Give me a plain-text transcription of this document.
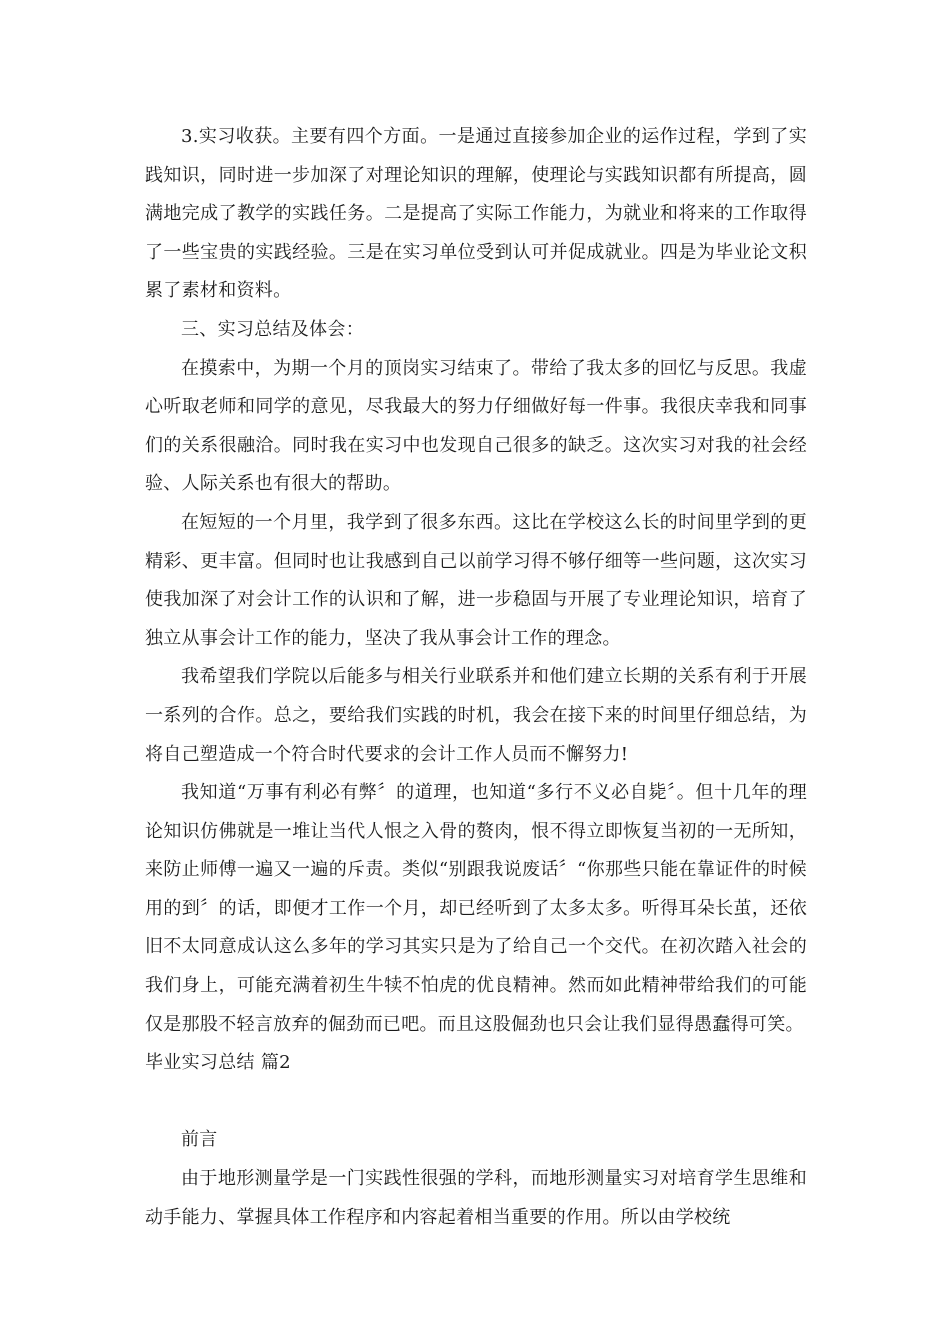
3.实习收获。主要有四个方面。一是通过直接参加企业的运作过程，学到了实践知识，同时进一步加深了对理论知识的理解，使理论与实践知识都有所提高，圆满地完成了教学的实践任务。二是提高了实际工作能力，为就业和将来的工作取得了一些宝贵的实践经验。三是在实习单位受到认可并促成就业。四是为毕业论文积累了素材和资料。

三、实习总结及体会：

在摸索中，为期一个月的顶岗实习结束了。带给了我太多的回忆与反思。我虚心听取老师和同学的意见，尽我最大的努力仔细做好每一件事。我很庆幸我和同事们的关系很融洽。同时我在实习中也发现自己很多的缺乏。这次实习对我的社会经验、人际关系也有很大的帮助。

在短短的一个月里，我学到了很多东西。这比在学校这么长的时间里学到的更精彩、更丰富。但同时也让我感到自己以前学习得不够仔细等一些问题，这次实习使我加深了对会计工作的认识和了解，进一步稳固与开展了专业理论知识，培育了独立从事会计工作的能力，坚决了我从事会计工作的理念。

我希望我们学院以后能多与相关行业联系并和他们建立长期的关系有利于开展一系列的合作。总之，要给我们实践的时机，我会在接下来的时间里仔细总结，为将自己塑造成一个符合时代要求的会计工作人员而不懈努力!

我知道“万事有利必有弊〞的道理，也知道“多行不义必自毙〞。但十几年的理论知识仿佛就是一堆让当代人恨之入骨的赘肉，恨不得立即恢复当初的一无所知，来防止师傅一遍又一遍的斥责。类似“别跟我说废话〞“你那些只能在靠证件的时候用的到〞的话，即便才工作一个月，却已经听到了太多太多。听得耳朵长茧，还依旧不太同意成认这么多年的学习其实只是为了给自己一个交代。在初次踏入社会的我们身上，可能充满着初生牛犊不怕虎的优良精神。然而如此精神带给我们的可能仅是那股不轻言放弃的倔劲而已吧。而且这股倔劲也只会让我们显得愚蠢得可笑。

毕业实习总结 篇2

前言

由于地形测量学是一门实践性很强的学科，而地形测量实习对培育学生思维和动手能力、掌握具体工作程序和内容起着相当重要的作用。所以由学校统
